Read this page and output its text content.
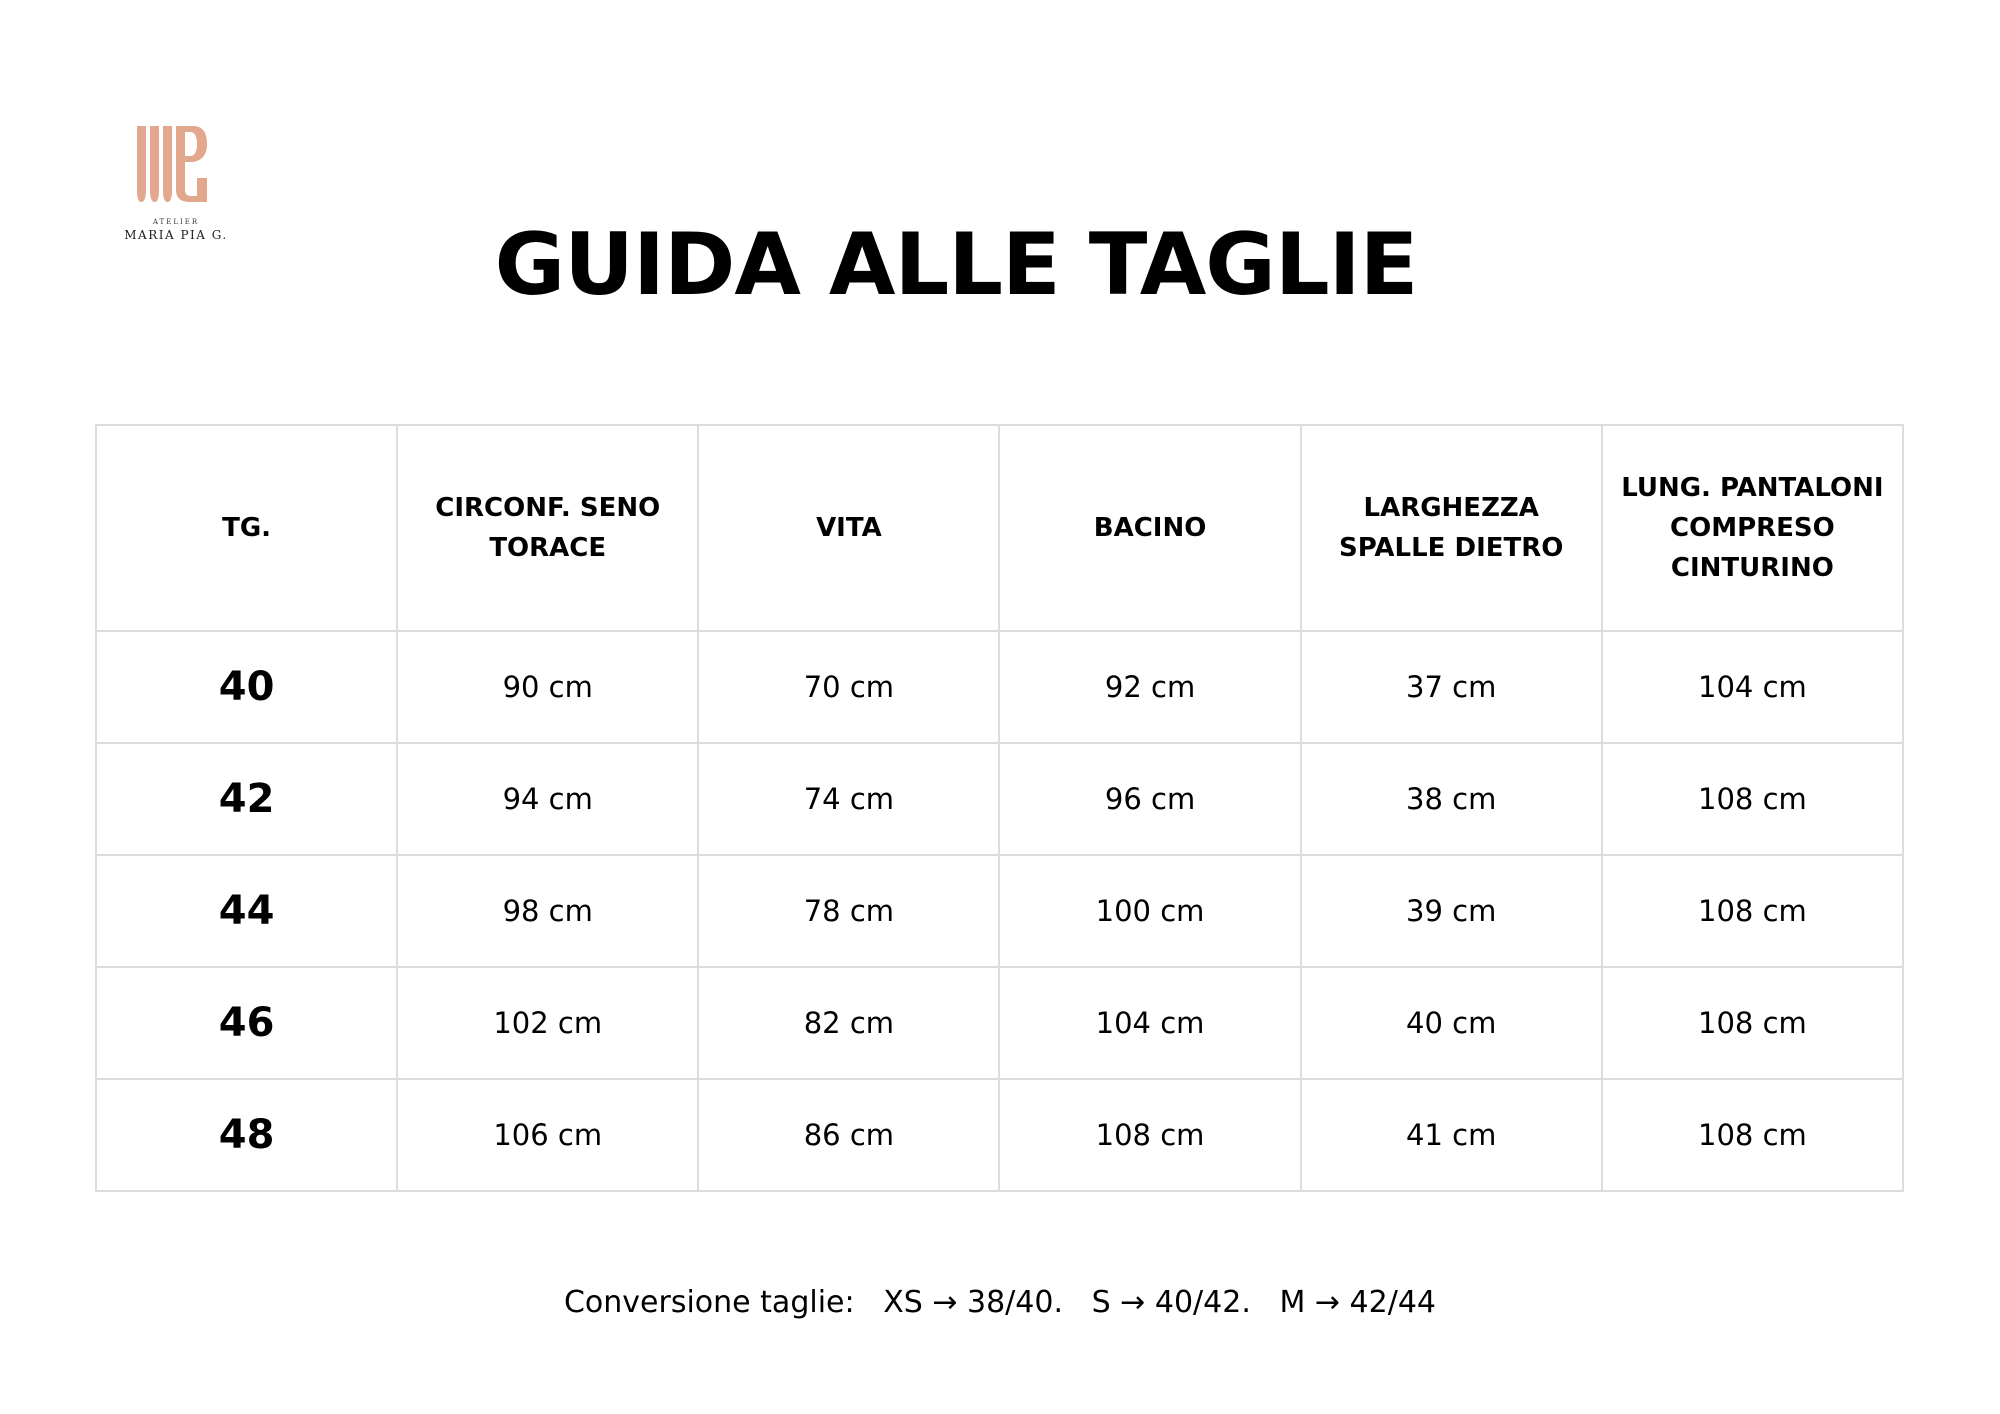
ATELIER
MARIA PIA G.	GUIDA ALLE TAGLIE
TG.	CIRCONF. SENO TORACE	VITA	BACINO	LARGHEZZA SPALLE DIETRO	LUNG. PANTALONI COMPRESO CINTURINO
40	90 cm	70 cm	92 cm	37 cm	104 cm
42	94 cm	74 cm	96 cm	38 cm	108 cm
44	98 cm	78 cm	100 cm	39 cm	108 cm
46	102 cm	82 cm	104 cm	40 cm	108 cm
48	106 cm	86 cm	108 cm	41 cm	108 cm
Conversione taglie:   XS → 38/40.   S → 40/42.   M → 42/44
